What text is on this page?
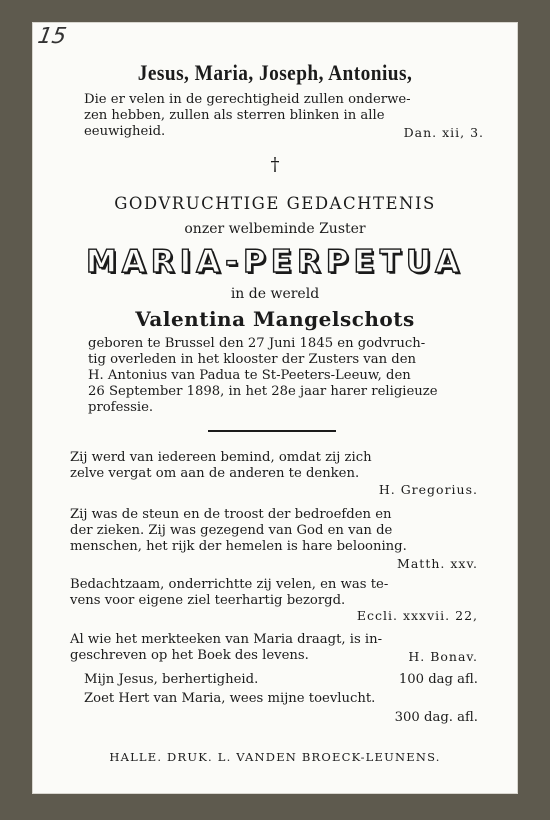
15
Jesus, Maria, Joseph, Antonius,
Die er velen in de gerechtigheid zullen onderwe-
zen hebben, zullen als sterren blinken in alle
eeuwigheid.	Dan. xii, 3.
†
GODVRUCHTIGE GEDACHTENIS
onzer welbeminde Zuster
MARIA-PERPETUA
in de wereld
Valentina Mangelschots
geboren te Brussel den 27 Juni 1845 en godvruch-
tig overleden in het klooster der Zusters van den
H. Antonius van Padua te St-Peeters-Leeuw, den
26 September 1898, in het 28e jaar harer religieuze
professie.
Zij werd van iedereen bemind, omdat zij zich
zelve vergat om aan de anderen te denken.
H. Gregorius.
Zij was de steun en de troost der bedroefden en
der zieken. Zij was gezegend van God en van de
menschen, het rijk der hemelen is hare belooning.
Matth. xxv.
Bedachtzaam, onderrichtte zij velen, en was te-
vens voor eigene ziel teerhartig bezorgd.
Eccli. xxxvii. 22,
Al wie het merkteeken van Maria draagt, is in-
geschreven op het Boek des levens.	H. Bonav.
Mijn Jesus, berhertigheid.	100 dag afl.
Zoet Hert van Maria, wees mijne toevlucht.
300 dag. afl.
HALLE. DRUK. L. VANDEN BROECK-LEUNENS.
